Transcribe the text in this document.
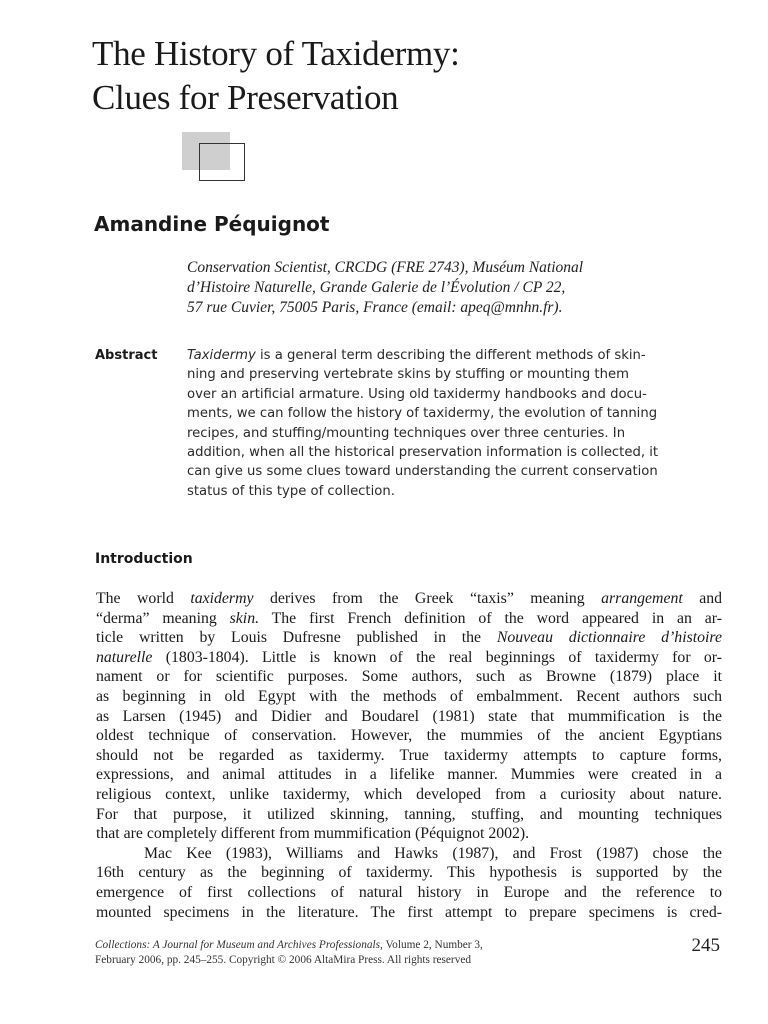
The History of Taxidermy:
Clues for Preservation
Amandine Péquignot
Conservation Scientist, CRCDG (FRE 2743), Muséum National
d’Histoire Naturelle, Grande Galerie de l’Évolution / CP 22,
57 rue Cuvier, 75005 Paris, France (email: apeq@mnhn.fr).
Abstract Taxidermy is a general term describing the different methods of skin-
ning and preserving vertebrate skins by stuffing or mounting them
over an artificial armature. Using old taxidermy handbooks and docu-
ments, we can follow the history of taxidermy, the evolution of tanning
recipes, and stuffing/mounting techniques over three centuries. In
addition, when all the historical preservation information is collected, it
can give us some clues toward understanding the current conservation
status of this type of collection.
Introduction
The world taxidermy derives from the Greek “taxis” meaning arrangement and
“derma” meaning skin. The first French definition of the word appeared in an ar-
ticle written by Louis Dufresne published in the Nouveau dictionnaire d’histoire
naturelle (1803-1804). Little is known of the real beginnings of taxidermy for or-
nament or for scientific purposes. Some authors, such as Browne (1879) place it
as beginning in old Egypt with the methods of embalmment. Recent authors such
as Larsen (1945) and Didier and Boudarel (1981) state that mummification is the
oldest technique of conservation. However, the mummies of the ancient Egyptians
should not be regarded as taxidermy. True taxidermy attempts to capture forms,
expressions, and animal attitudes in a lifelike manner. Mummies were created in a
religious context, unlike taxidermy, which developed from a curiosity about nature.
For that purpose, it utilized skinning, tanning, stuffing, and mounting techniques
that are completely different from mummification (Péquignot 2002).
Mac Kee (1983), Williams and Hawks (1987), and Frost (1987) chose the
16th century as the beginning of taxidermy. This hypothesis is supported by the
emergence of first collections of natural history in Europe and the reference to
mounted specimens in the literature. The first attempt to prepare specimens is cred-
Collections: A Journal for Museum and Archives Professionals, Volume 2, Number 3,
February 2006, pp. 245–255. Copyright © 2006 AltaMira Press. All rights reserved
245
